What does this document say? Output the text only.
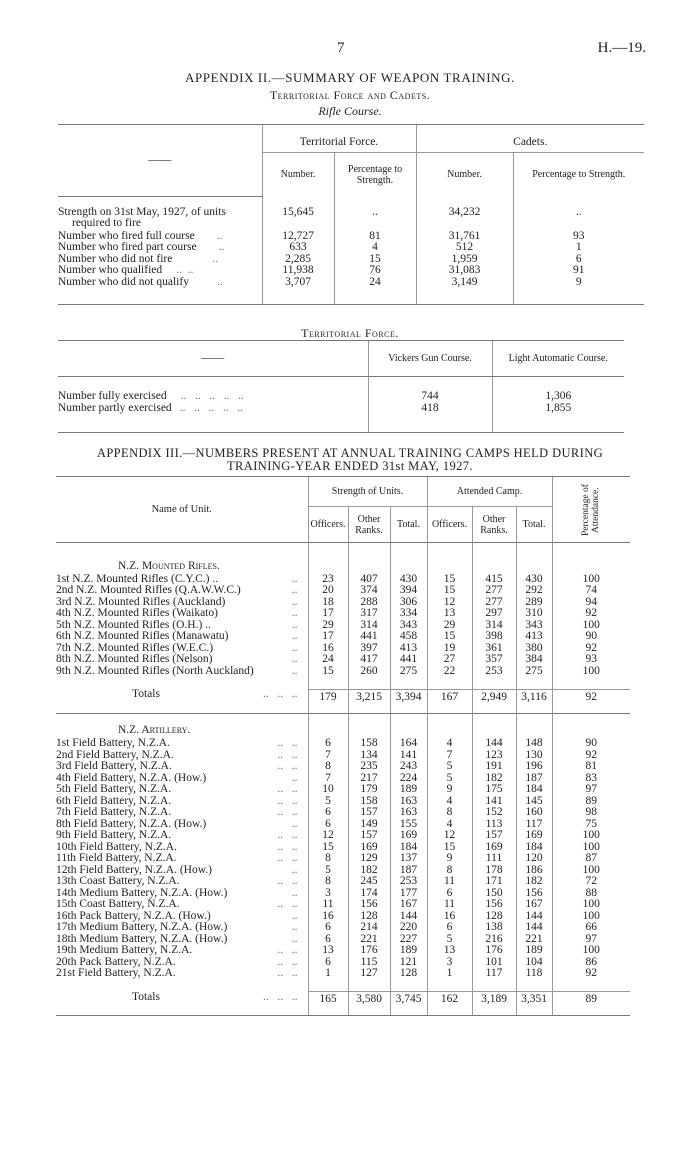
7	H.—19.
APPENDIX II.—SUMMARY OF WEAPON TRAINING.
Territorial Force and Cadets.
Rifle Course.
——	Territorial Force.		Cadets.	
	Number.	Percentage to Strength.	Number.	Percentage to Strength.

Strength on 31st May, 1927, of units
required to fire	15,645	..	34,232	..
Number who fired full course ..	12,727	81	31,761	93
Number who fired part course ..	633	4	512	1
Number who did not fire ..	2,285	15	1,959	6
Number who qualified ..  ..	11,938	76	31,083	91
Number who did not qualify ..	3,707	24	3,149	9

Territorial Force.
——	Vickers Gun Course.	Light Automatic Course.

Number fully exercised ..   ..   ..   ..   ..	744	1,306
Number partly exercised ..   ..   ..   ..   ..	418	1,855

APPENDIX III.—NUMBERS PRESENT AT ANNUAL TRAINING CAMPS HELD DURING
TRAINING-YEAR ENDED 31st MAY, 1927.
Name of Unit.	Strength of Units.			Attended Camp.			Percentage of Attendance.

	Officers.	Other Ranks.	Total.	Officers.	Other Ranks.	Total.	

N.Z. Mounted Rifles.							
1st N.Z. Mounted Rifles (C.Y.C.) .. ..	23	407	430	15	415	430	100
2nd N.Z. Mounted Rifles (Q.A.W.W.C.) ..	20	374	394	15	277	292	74
3rd N.Z. Mounted Rifles (Auckland) ..	18	288	306	12	277	289	94
4th N.Z. Mounted Rifles (Waikato) ..	17	317	334	13	297	310	92
5th N.Z. Mounted Rifles (O.H.) .. ..	29	314	343	29	314	343	100
6th N.Z. Mounted Rifles (Manawatu) ..	17	441	458	15	398	413	90
7th N.Z. Mounted Rifles (W.E.C.) ..	16	397	413	19	361	380	92
8th N.Z. Mounted Rifles (Nelson) ..	24	417	441	27	357	384	93
9th N.Z. Mounted Rifles (North Auckland) ..	15	260	275	22	253	275	100

Totals ..   ..   ..	179	3,215	3,394	167	2,949	3,116	92

N.Z. Artillery.							
1st Field Battery, N.Z.A. ..   ..	6	158	164	4	144	148	90
2nd Field Battery, N.Z.A. ..   ..	7	134	141	7	123	130	92
3rd Field Battery, N.Z.A. ..   ..	8	235	243	5	191	196	81
4th Field Battery, N.Z.A. (How.) ..	7	217	224	5	182	187	83
5th Field Battery, N.Z.A. ..   ..	10	179	189	9	175	184	97
6th Field Battery, N.Z.A. ..   ..	5	158	163	4	141	145	89
7th Field Battery, N.Z.A. ..   ..	6	157	163	8	152	160	98
8th Field Battery, N.Z.A. (How.) ..	6	149	155	4	113	117	75
9th Field Battery, N.Z.A. ..   ..	12	157	169	12	157	169	100
10th Field Battery, N.Z.A. ..   ..	15	169	184	15	169	184	100
11th Field Battery, N.Z.A. ..   ..	8	129	137	9	111	120	87
12th Field Battery, N.Z.A. (How.) ..	5	182	187	8	178	186	100
13th Coast Battery, N.Z.A. ..   ..	8	245	253	11	171	182	72
14th Medium Battery, N.Z.A. (How.) ..	3	174	177	6	150	156	88
15th Coast Battery, N.Z.A. ..   ..	11	156	167	11	156	167	100
16th Pack Battery, N.Z.A. (How.) ..	16	128	144	16	128	144	100
17th Medium Battery, N.Z.A. (How.) ..	6	214	220	6	138	144	66
18th Medium Battery, N.Z.A. (How.) ..	6	221	227	5	216	221	97
19th Medium Battery, N.Z.A. ..   ..	13	176	189	13	176	189	100
20th Pack Battery, N.Z.A. ..   ..	6	115	121	3	101	104	86
21st Field Battery, N.Z.A. ..   ..	1	127	128	1	117	118	92

Totals ..   ..   ..	165	3,580	3,745	162	3,189	3,351	89
